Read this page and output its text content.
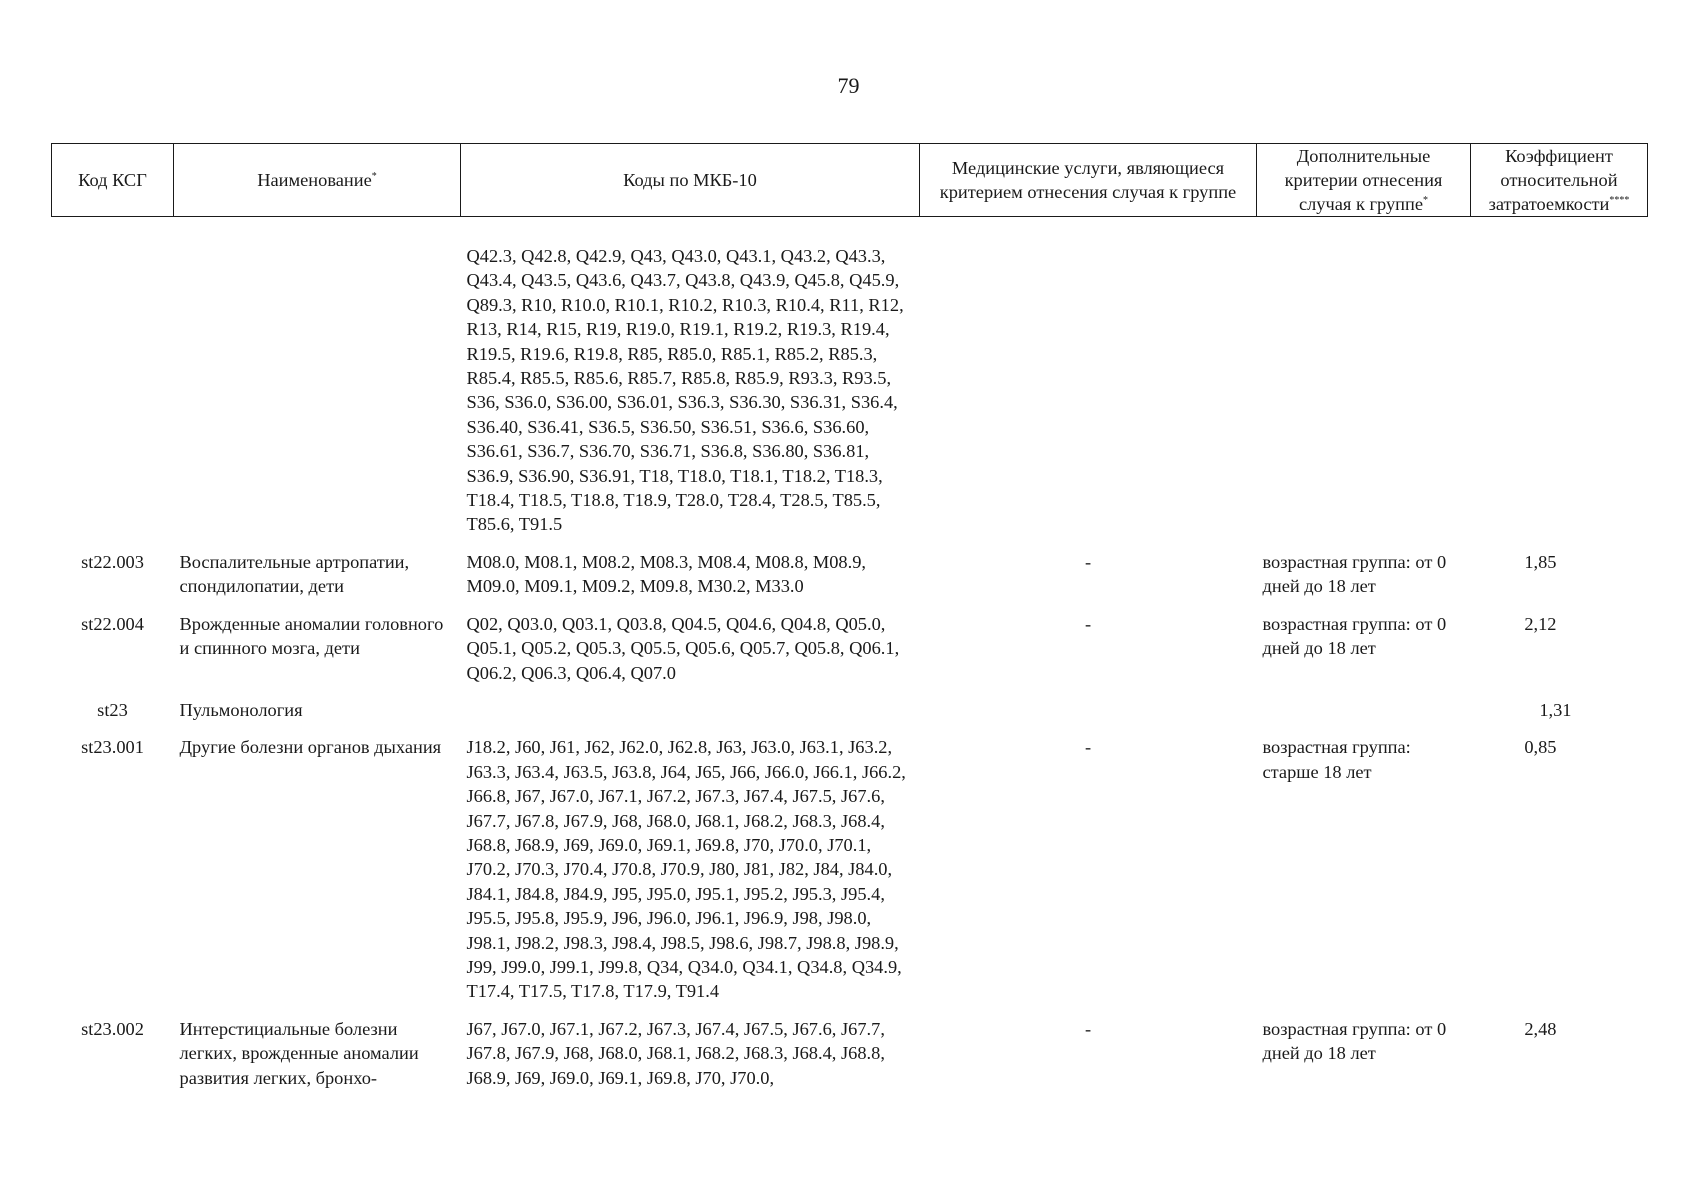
79
Код КСГ	Наименование*	Коды по МКБ-10	Медицинские услуги, являющиеся критерием отнесения случая к группе	Дополнительные критерии отнесения случая к группе*	Коэффициент относительной затратоемкости****
		Q42.3, Q42.8, Q42.9, Q43, Q43.0, Q43.1, Q43.2, Q43.3, Q43.4, Q43.5, Q43.6, Q43.7, Q43.8, Q43.9, Q45.8, Q45.9, Q89.3, R10, R10.0, R10.1, R10.2, R10.3, R10.4, R11, R12, R13, R14, R15, R19, R19.0, R19.1, R19.2, R19.3, R19.4, R19.5, R19.6, R19.8, R85, R85.0, R85.1, R85.2, R85.3, R85.4, R85.5, R85.6, R85.7, R85.8, R85.9, R93.3, R93.5, S36, S36.0, S36.00, S36.01, S36.3, S36.30, S36.31, S36.4, S36.40, S36.41, S36.5, S36.50, S36.51, S36.6, S36.60, S36.61, S36.7, S36.70, S36.71, S36.8, S36.80, S36.81, S36.9, S36.90, S36.91, T18, T18.0, T18.1, T18.2, T18.3, T18.4, T18.5, T18.8, T18.9, T28.0, T28.4, T28.5, T85.5, T85.6, T91.5			
st22.003	Воспалительные артропатии, спондилопатии, дети	M08.0, M08.1, M08.2, M08.3, M08.4, M08.8, M08.9, M09.0, M09.1, M09.2, M09.8, M30.2, M33.0	-	возрастная группа: от 0 дней до 18 лет	1,85
st22.004	Врожденные аномалии головного и спинного мозга, дети	Q02, Q03.0, Q03.1, Q03.8, Q04.5, Q04.6, Q04.8, Q05.0, Q05.1, Q05.2, Q05.3, Q05.5, Q05.6, Q05.7, Q05.8, Q06.1, Q06.2, Q06.3, Q06.4, Q07.0	-	возрастная группа: от 0 дней до 18 лет	2,12
st23	Пульмонология				1,31
st23.001	Другие болезни органов дыхания	J18.2, J60, J61, J62, J62.0, J62.8, J63, J63.0, J63.1, J63.2, J63.3, J63.4, J63.5, J63.8, J64, J65, J66, J66.0, J66.1, J66.2, J66.8, J67, J67.0, J67.1, J67.2, J67.3, J67.4, J67.5, J67.6, J67.7, J67.8, J67.9, J68, J68.0, J68.1, J68.2, J68.3, J68.4, J68.8, J68.9, J69, J69.0, J69.1, J69.8, J70, J70.0, J70.1, J70.2, J70.3, J70.4, J70.8, J70.9, J80, J81, J82, J84, J84.0, J84.1, J84.8, J84.9, J95, J95.0, J95.1, J95.2, J95.3, J95.4, J95.5, J95.8, J95.9, J96, J96.0, J96.1, J96.9, J98, J98.0, J98.1, J98.2, J98.3, J98.4, J98.5, J98.6, J98.7, J98.8, J98.9, J99, J99.0, J99.1, J99.8, Q34, Q34.0, Q34.1, Q34.8, Q34.9, T17.4, T17.5, T17.8, T17.9, T91.4	-	возрастная группа: старше 18 лет	0,85
st23.002	Интерстициальные болезни легких, врожденные аномалии развития легких, бронхо-	J67, J67.0, J67.1, J67.2, J67.3, J67.4, J67.5, J67.6, J67.7, J67.8, J67.9, J68, J68.0, J68.1, J68.2, J68.3, J68.4, J68.8, J68.9, J69, J69.0, J69.1, J69.8, J70, J70.0,	-	возрастная группа: от 0 дней до 18 лет	2,48
